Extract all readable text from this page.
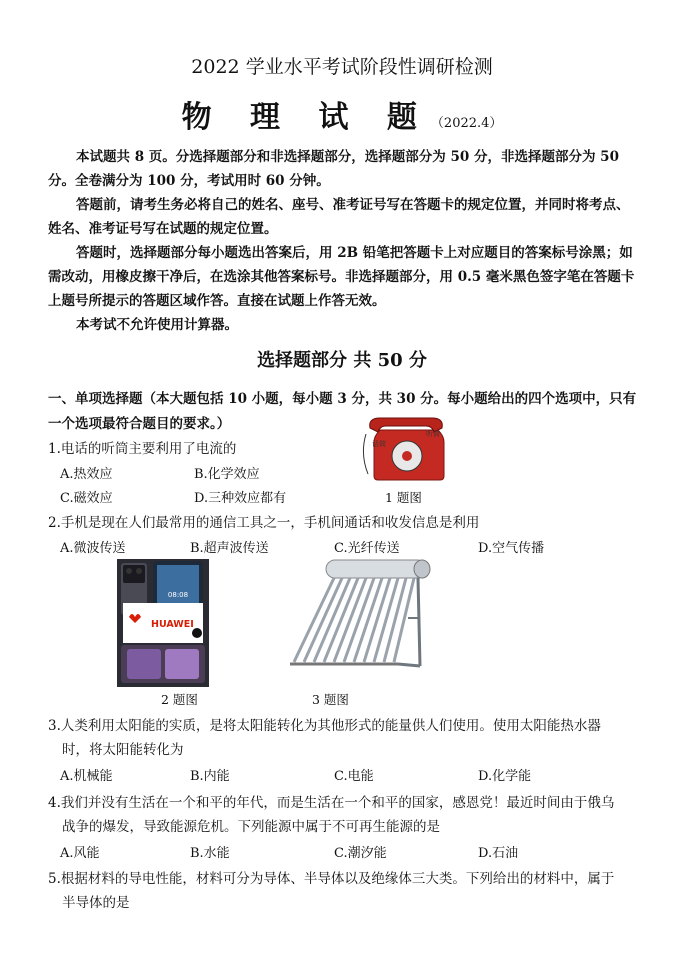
2022 学业水平考试阶段性调研检测
物 理 试 题（2022.4）

本试题共 8 页。分选择题部分和非选择题部分，选择题部分为 50 分，非选择题部分为 50 分。全卷满分为 100 分，考试用时 60 分钟。

答题前，请考生务必将自己的姓名、座号、准考证号写在答题卡的规定位置，并同时将考点、姓名、准考证号写在试题的规定位置。

答题时，选择题部分每小题选出答案后，用 2B 铅笔把答题卡上对应题目的答案标号涂黑；如需改动，用橡皮擦干净后，在选涂其他答案标号。非选择题部分，用 0.5 毫米黑色签字笔在答题卡上题号所提示的答题区域作答。直接在试题上作答无效。

本考试不允许使用计算器。

选择题部分 共 50 分
一、单项选择题（本大题包括 10 小题，每小题 3 分，共 30 分。每小题给出的四个选项中，只有一个选项最符合题目的要求。）
1.电话的听筒主要利用了电流的
A.热效应	B.化学效应
C.磁效应	D.三种效应都有
话筒
听筒
1 题图
2.手机是现在人们最常用的通信工具之一，手机间通话和收发信息是利用
A.微波传送	B.超声波传送	C.光纤传送	D.空气传播
08:08
HUAWEI
2 题图	3 题图
3.人类利用太阳能的实质，是将太阳能转化为其他形式的能量供人们使用。使用太阳能热水器
时，将太阳能转化为
A.机械能	B.内能	C.电能	D.化学能
4.我们并没有生活在一个和平的年代，而是生活在一个和平的国家，感恩党！最近时间由于俄乌
战争的爆发，导致能源危机。下列能源中属于不可再生能源的是
A.风能	B.水能	C.潮汐能	D.石油
5.根据材料的导电性能，材料可分为导体、半导体以及绝缘体三大类。下列给出的材料中，属于
半导体的是
